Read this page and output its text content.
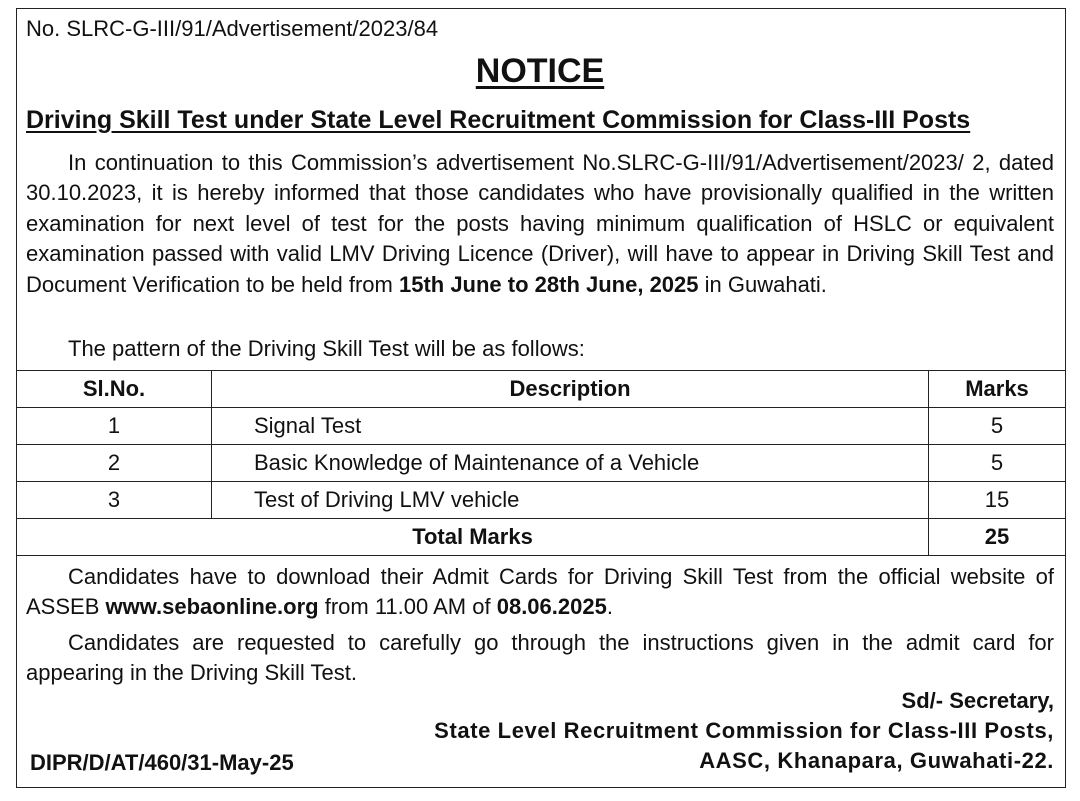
No. SLRC-G-III/91/Advertisement/2023/84
NOTICE
Driving Skill Test under State Level Recruitment Commission for Class-III Posts
In continuation to this Commission’s advertisement No.SLRC-G-III/91/Advertisement/2023/ 2, dated 30.10.2023, it is hereby informed that those candidates who have provisionally qualified in the written examination for next level of test for the posts having minimum qualification of HSLC or equivalent examination passed with valid LMV Driving Licence (Driver), will have to appear in Driving Skill Test and Document Verification to be held from 15th June to 28th June, 2025 in Guwahati.
The pattern of the Driving Skill Test will be as follows:
Sl.No.	Description	Marks
1	Signal Test	5
2	Basic Knowledge of Maintenance of a Vehicle	5
3	Test of Driving LMV vehicle	15
Total Marks		25
Candidates have to download their Admit Cards for Driving Skill Test from the official website of ASSEB www.sebaonline.org from 11.00 AM of 08.06.2025.
Candidates are requested to carefully go through the instructions given in the admit card for appearing in the Driving Skill Test.
Sd/- Secretary,
State Level Recruitment Commission for Class-III Posts,
AASC, Khanapara, Guwahati-22.
DIPR/D/AT/460/31-May-25
